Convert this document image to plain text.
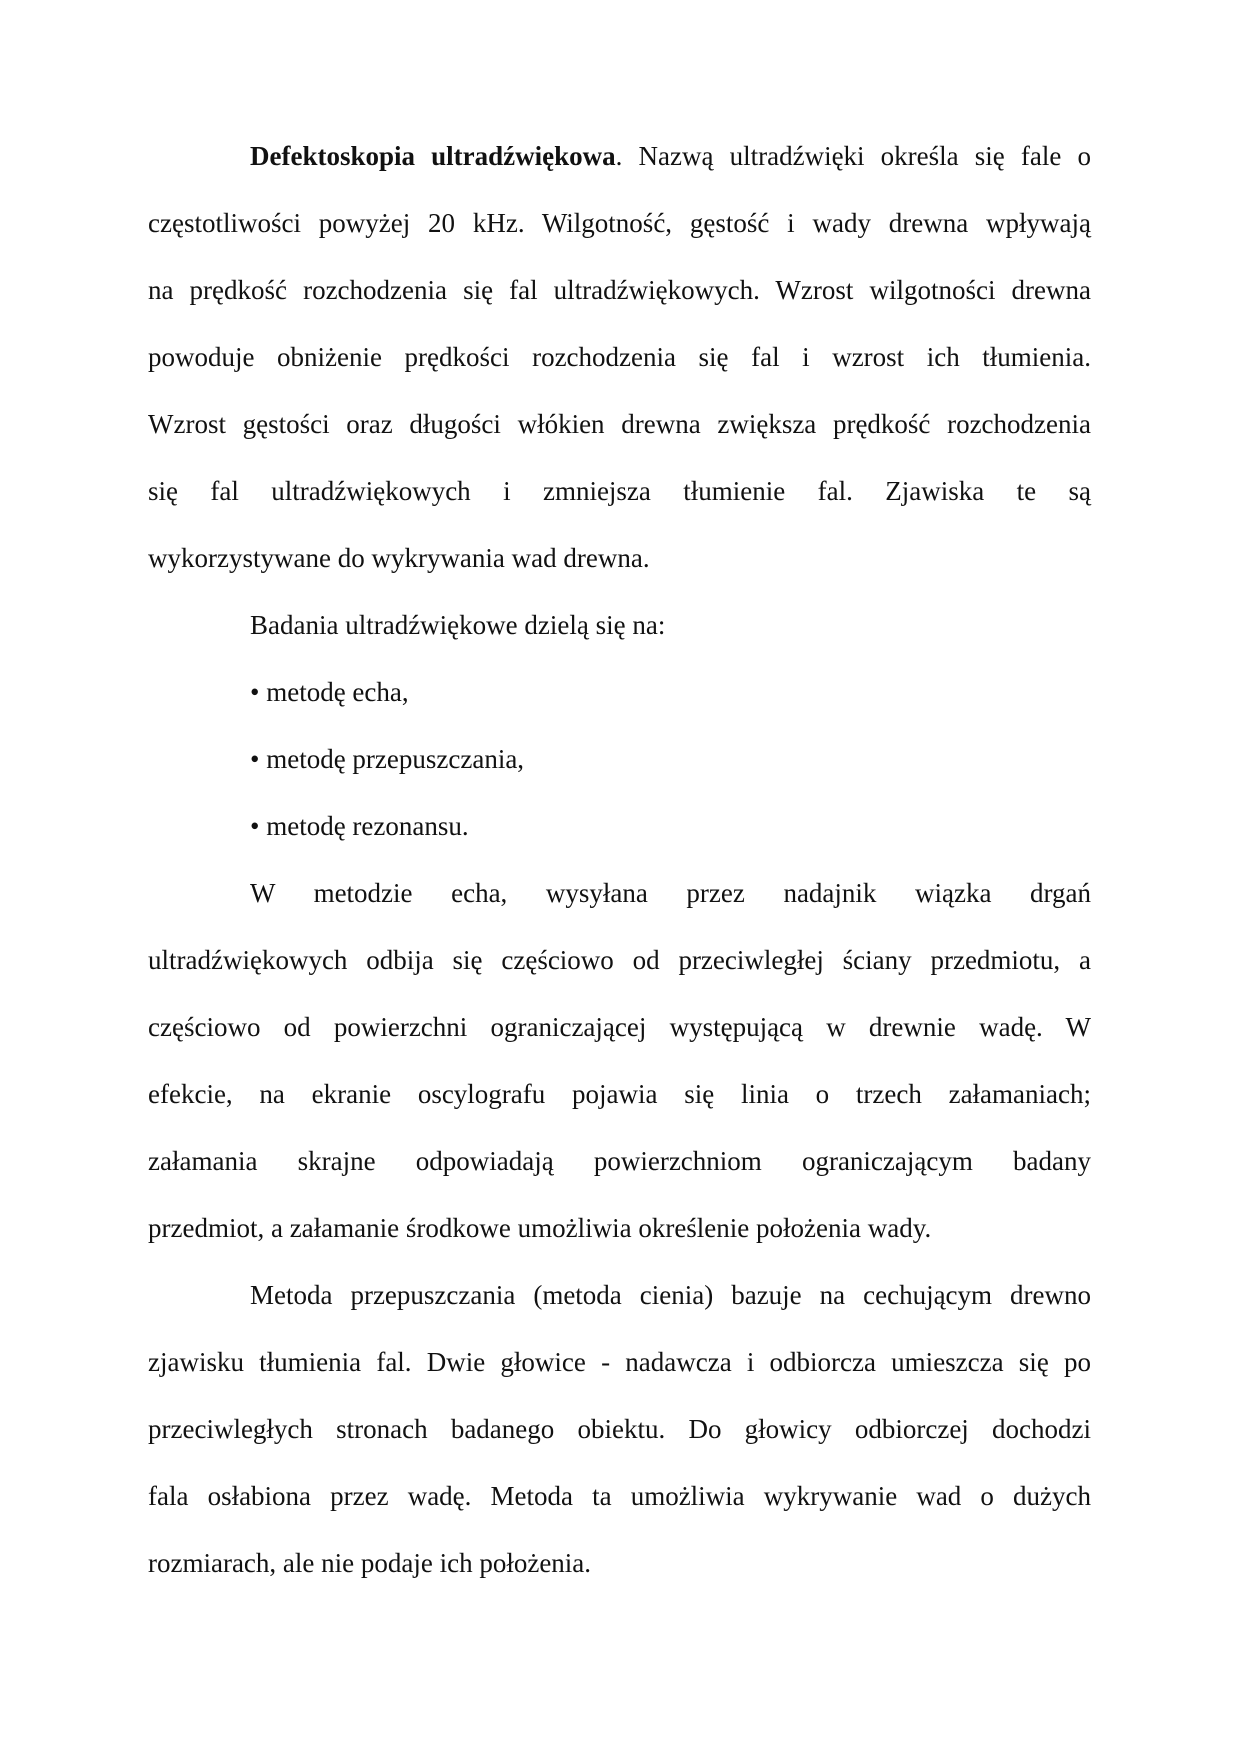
Defektoskopia ultradźwiękowa. Nazwą ultradźwięki określa się fale o
częstotliwości powyżej 20 kHz. Wilgotność, gęstość i wady drewna wpływają
na prędkość rozchodzenia się fal ultradźwiękowych. Wzrost wilgotności drewna
powoduje obniżenie prędkości rozchodzenia się fal i wzrost ich tłumienia.
Wzrost gęstości oraz długości włókien drewna zwiększa prędkość rozchodzenia
się fal ultradźwiękowych i zmniejsza tłumienie fal. Zjawiska te są
wykorzystywane do wykrywania wad drewna.
Badania ultradźwiękowe dzielą się na:
• metodę echa,
• metodę przepuszczania,
• metodę rezonansu.
W metodzie echa, wysyłana przez nadajnik wiązka drgań
ultradźwiękowych odbija się częściowo od przeciwległej ściany przedmiotu, a
częściowo od powierzchni ograniczającej występującą w drewnie wadę. W
efekcie, na ekranie oscylografu pojawia się linia o trzech załamaniach;
załamania skrajne odpowiadają powierzchniom ograniczającym badany
przedmiot, a załamanie środkowe umożliwia określenie położenia wady.
Metoda przepuszczania (metoda cienia) bazuje na cechującym drewno
zjawisku tłumienia fal. Dwie głowice - nadawcza i odbiorcza umieszcza się po
przeciwległych stronach badanego obiektu. Do głowicy odbiorczej dochodzi
fala osłabiona przez wadę. Metoda ta umożliwia wykrywanie wad o dużych
rozmiarach, ale nie podaje ich położenia.
